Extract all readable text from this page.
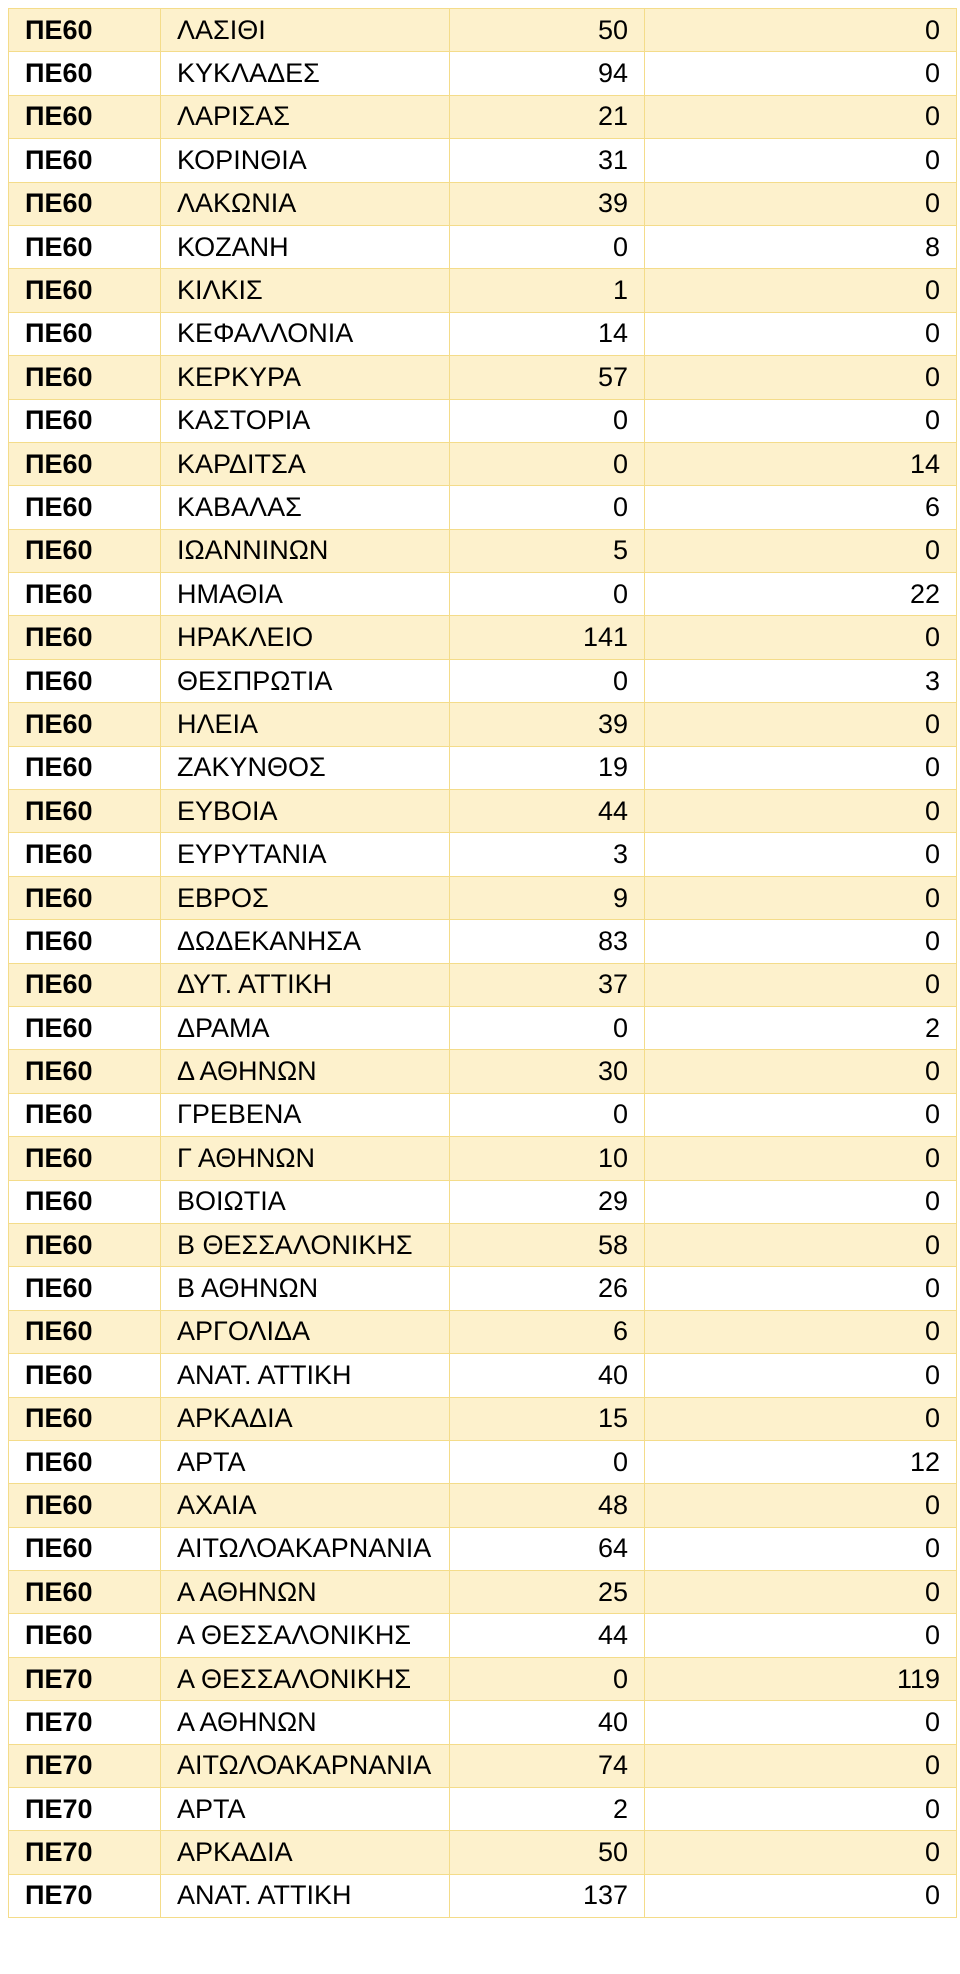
ΠΕ60	ΛΑΣΙΘΙ	50	0
ΠΕ60	ΚΥΚΛΑΔΕΣ	94	0
ΠΕ60	ΛΑΡΙΣΑΣ	21	0
ΠΕ60	ΚΟΡΙΝΘΙΑ	31	0
ΠΕ60	ΛΑΚΩΝΙΑ	39	0
ΠΕ60	ΚΟΖΑΝΗ	0	8
ΠΕ60	ΚΙΛΚΙΣ	1	0
ΠΕ60	ΚΕΦΑΛΛΟΝΙΑ	14	0
ΠΕ60	ΚΕΡΚΥΡΑ	57	0
ΠΕ60	ΚΑΣΤΟΡΙΑ	0	0
ΠΕ60	ΚΑΡΔΙΤΣΑ	0	14
ΠΕ60	ΚΑΒΑΛΑΣ	0	6
ΠΕ60	ΙΩΑΝΝΙΝΩΝ	5	0
ΠΕ60	ΗΜΑΘΙΑ	0	22
ΠΕ60	ΗΡΑΚΛΕΙΟ	141	0
ΠΕ60	ΘΕΣΠΡΩΤΙΑ	0	3
ΠΕ60	ΗΛΕΙΑ	39	0
ΠΕ60	ΖΑΚΥΝΘΟΣ	19	0
ΠΕ60	ΕΥΒΟΙΑ	44	0
ΠΕ60	ΕΥΡΥΤΑΝΙΑ	3	0
ΠΕ60	ΕΒΡΟΣ	9	0
ΠΕ60	ΔΩΔΕΚΑΝΗΣΑ	83	0
ΠΕ60	ΔΥΤ. ΑΤΤΙΚΗ	37	0
ΠΕ60	ΔΡΑΜΑ	0	2
ΠΕ60	Δ ΑΘΗΝΩΝ	30	0
ΠΕ60	ΓΡΕΒΕΝΑ	0	0
ΠΕ60	Γ ΑΘΗΝΩΝ	10	0
ΠΕ60	ΒΟΙΩΤΙΑ	29	0
ΠΕ60	Β ΘΕΣΣΑΛΟΝΙΚΗΣ	58	0
ΠΕ60	Β ΑΘΗΝΩΝ	26	0
ΠΕ60	ΑΡΓΟΛΙΔΑ	6	0
ΠΕ60	ΑΝΑΤ. ΑΤΤΙΚΗ	40	0
ΠΕ60	ΑΡΚΑΔΙΑ	15	0
ΠΕ60	ΑΡΤΑ	0	12
ΠΕ60	ΑΧΑΙΑ	48	0
ΠΕ60	ΑΙΤΩΛΟΑΚΑΡΝΑΝΙΑ	64	0
ΠΕ60	Α ΑΘΗΝΩΝ	25	0
ΠΕ60	Α ΘΕΣΣΑΛΟΝΙΚΗΣ	44	0
ΠΕ70	Α ΘΕΣΣΑΛΟΝΙΚΗΣ	0	119
ΠΕ70	Α ΑΘΗΝΩΝ	40	0
ΠΕ70	ΑΙΤΩΛΟΑΚΑΡΝΑΝΙΑ	74	0
ΠΕ70	ΑΡΤΑ	2	0
ΠΕ70	ΑΡΚΑΔΙΑ	50	0
ΠΕ70	ΑΝΑΤ. ΑΤΤΙΚΗ	137	0
